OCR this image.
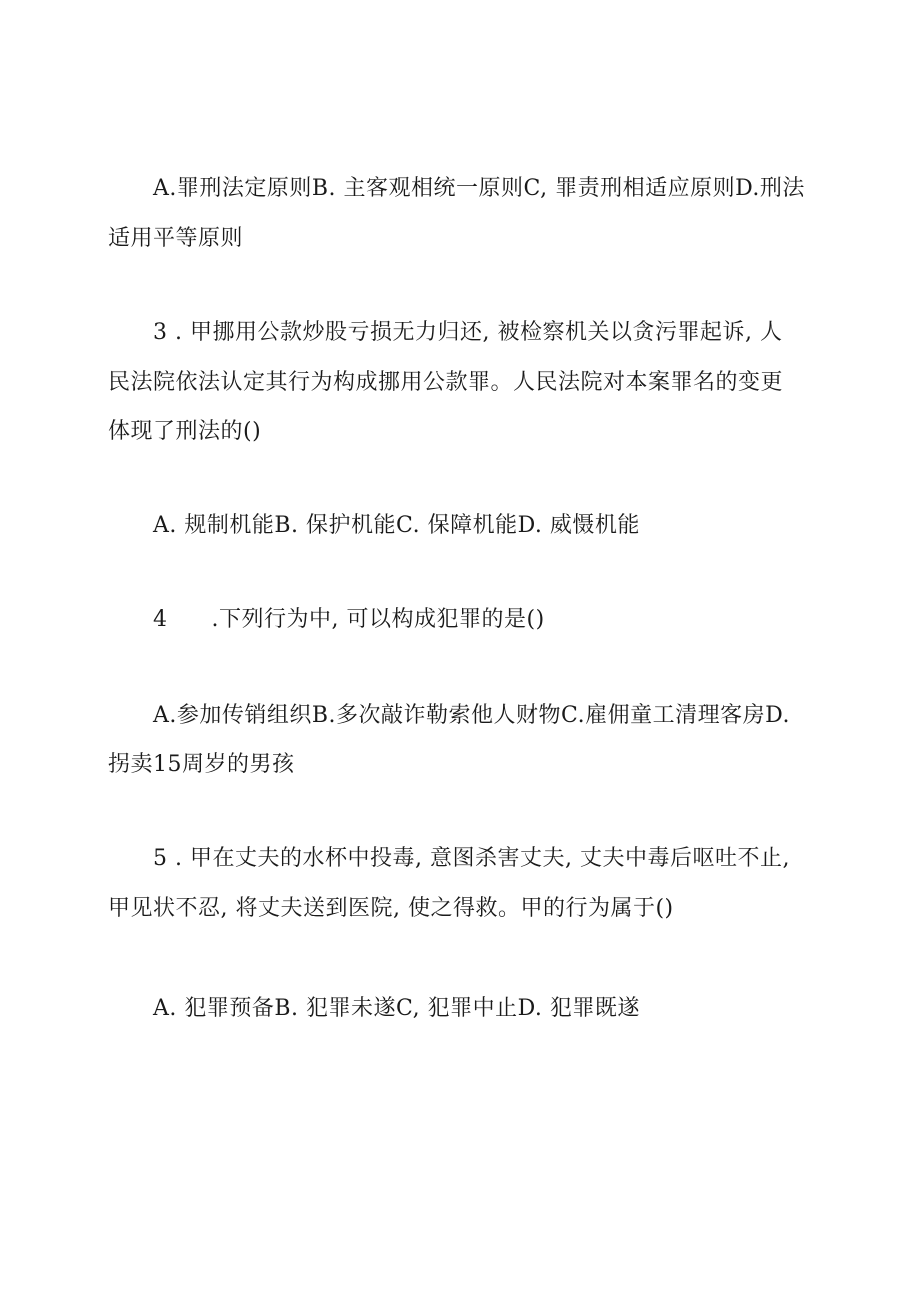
A.罪刑法定原则B. 主客观相统一原则C, 罪责刑相适应原则D.刑法
适用平等原则
3 . 甲挪用公款炒股亏损无力归还, 被检察机关以贪污罪起诉, 人
民法院依法认定其行为构成挪用公款罪。人民法院对本案罪名的变更
体现了刑法的()
A. 规制机能B. 保护机能C. 保障机能D. 威慑机能
4 .下列行为中, 可以构成犯罪的是()
A.参加传销组织B.多次敲诈勒索他人财物C.雇佣童工清理客房D.
拐卖15周岁的男孩
5 . 甲在丈夫的水杯中投毒, 意图杀害丈夫, 丈夫中毒后呕吐不止,
甲见状不忍, 将丈夫送到医院, 使之得救。甲的行为属于()
A. 犯罪预备B. 犯罪未遂C, 犯罪中止D. 犯罪既遂
